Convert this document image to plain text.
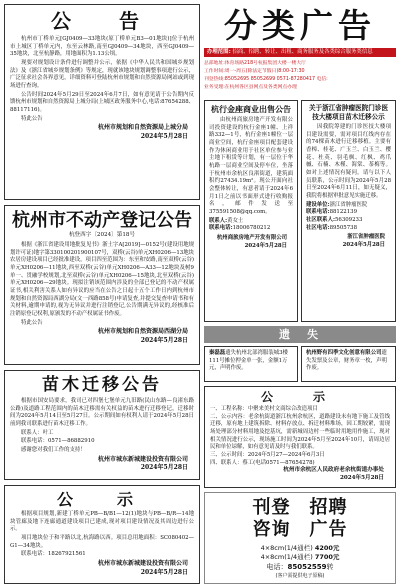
公　告

杭州市丁桥单元[GJ0409—33地块(原丁桥单元B3—01地块)]位于杭州市上城区丁桥单元内，东至云林路,南至GJ0409—34地块，西至GJ0409—35地块，北至杭静路，用地面积为1.13公顷。

现要对规划设计条件进行调整并公示，依据《中华人民共和国城乡规划法》及《浙江省城乡规划条例》等规定，现就该地块规划调整事项进行公示，广泛征求社会各界意见，详细资料可登陆杭州市规划和自然资源局网站或到现场进行查询。

公告时间2024年5月29日至2024年6月7日，如有意见请于公告期内反馈杭州市规划和自然资源局上城分局(上城区政务服务中心,电话:87654288、88117116)。

特此公告

杭州市规划和自然资源局上城分局
2024年5月28日
杭州市不动产登记公告
杭登西字〔2024〕第18号

根据《浙江省建设用地批复见书》浙土字A[2019]—0152号(建设用地规划许可证)地字第330100201900107号，双桥(云谷)单元XH0206—13地块农居房建设项目已经批准建设，项目四至范围为：东至和安路,南至双桥(云谷)单元XH0206—11地块,西至双桥(云谷)单元XH0206—A33—12地块及树9单一、贯融学校规划,北至双桥(云谷)单元XH0206—15地块,北至双桥(云谷)单元XH0206—29地块。现拟注销该范围内涉及的全部已登记的不动产权属证书,相关利害关系人如有异议的应当在公告之日起十五个工作日内到杭州市规划和自然资源局西湖分局(文一西路858号)申请复查,并提交复查申请书和有关材料,逾期申请的,视为无异议并进行注销登记,公告期满无异议的,经核准后注销原登记权利,原颁发的不动产权属证书作废。

特此公告

杭州市规划和自然资源局西湖分局
2024年5月28日
苗木迁移公告

根据市国安局要求，我司已对四堡七堡单元九旧路(民山东路—良渚东路公路)及道路工程范围内的苗木迁移需有关权益的苗木进行迁移登记，迁移时间为2024年5月14日至5月27日。公示期间如有权利人请于2024年5月28日前到我司联系进行苗木迁移工作。

联系人：叶工

联系电话：0571—86882910

感谢您对我们工作的支持！

杭州市城东新城建设投资有限公司
2024年5月28日
公　示

根据项目规划,新建丁桥单元PB—B/B1—12(1)地块与PB—B/R—14地块管廊及地下连廊通道建设项目已建成,现对项目建设情况及其周边进行公示。

项目地块位于和平路以北,杭海路以西。项目总用地面积：SC080402—G1—34地块。

联系电话：18267921561

杭州市城东新城建设投资有限公司
2024年5月28日
分类广告
办理范围: 招商、招聘、转让、出租、商务服务及各类综合服务类信息
总部地址:体育场路218号杭报集团大楼一楼大厅
工作时间:周一-周五(除法定节假日)8:00-17:30
刊登热线:85052695 85052699 0571-87280417 电信:
业务受理:在杭州各区县网点及各类网点办理
杭行金座商业出售公告

由杭州商旅房地产开发有限公司投资建设的杭行金座1幢、上祥路332—1号，杭行金座1幢位一层商业空间，杭行金座项目配套建设作为休闲商业用于社区单位参与业主地下租赁等计划，有一层位于华杭路一层商业空间及停车位，坐落于杭州市余杭区良渚街道，建筑面积约27434.19m²。现公开面向社会整体转让，有意者请于2024年6月1日之前以书面形式进行收购报名，邮件发送至375591508@qq.com。

联系人:黄女士
联系电话:18006780212
杭州商旅房地产开发有限公司
2024年5月28日
关于浙江省肿瘤医院门诊医技大楼项目苗木迁移公示

因我院筹建的门诊医技大楼项目建设需要，需对项目红线内存在的74棵苗木进行迁移移植。主要有香樟、桂花、广玉兰、白玉兰、樱花、杜英、羽毛枫、红枫、鸡爪槭、石楠、木槿、海棠、茶梅等。如对上述情况有疑问，请与以下人员联系，公示时间为2024年5月28日至2024年6月11日，如无疑义，我院将根据审批意见实施迁移。

建设单位:浙江省肿瘤医院
联系电话:88122139
社区联系人:56309233
社区电话:89505738
浙江省肿瘤医院
2024年5月28日
遗　失
秦磊磊遗失杭州北部湾服装城3楼111号摊位押金单一张，金额1万元，声明作废。
杭州野有四季文化创意有限公司遗失发票及公章，财务章一枚，声明作废。
公　示
一、工程名称：中聚来美村文商综合改造项目
二、公示内容：老余杭街道浙江杭州余杭区，道路建设未有地下施工及管线迁移，原有地上建筑拆除、材料存放点、拆迁材料堆场，因工期较紧，需现场处理部分材料用地及挖基坑，需新城周边村一些临时用地用作施工，现对相关情况进行公示，现场施工时间为2024年5月至2024年10月，请周边居民和单位谅解，如有意见请及时与我们联系。
三、公示时间：2024年5月27—2024年6月3日
四、联系人：蔡工(电话0571—87654278)
杭州市余杭区人民政府老余杭街道办事处
2024年5月28日
刊登　招聘
咨询　广告
4×8cm(1/4通栏) 4200元
4×8cm(1/4通栏) 7700元
电话：85052559转
(客户需提供电子原稿)
